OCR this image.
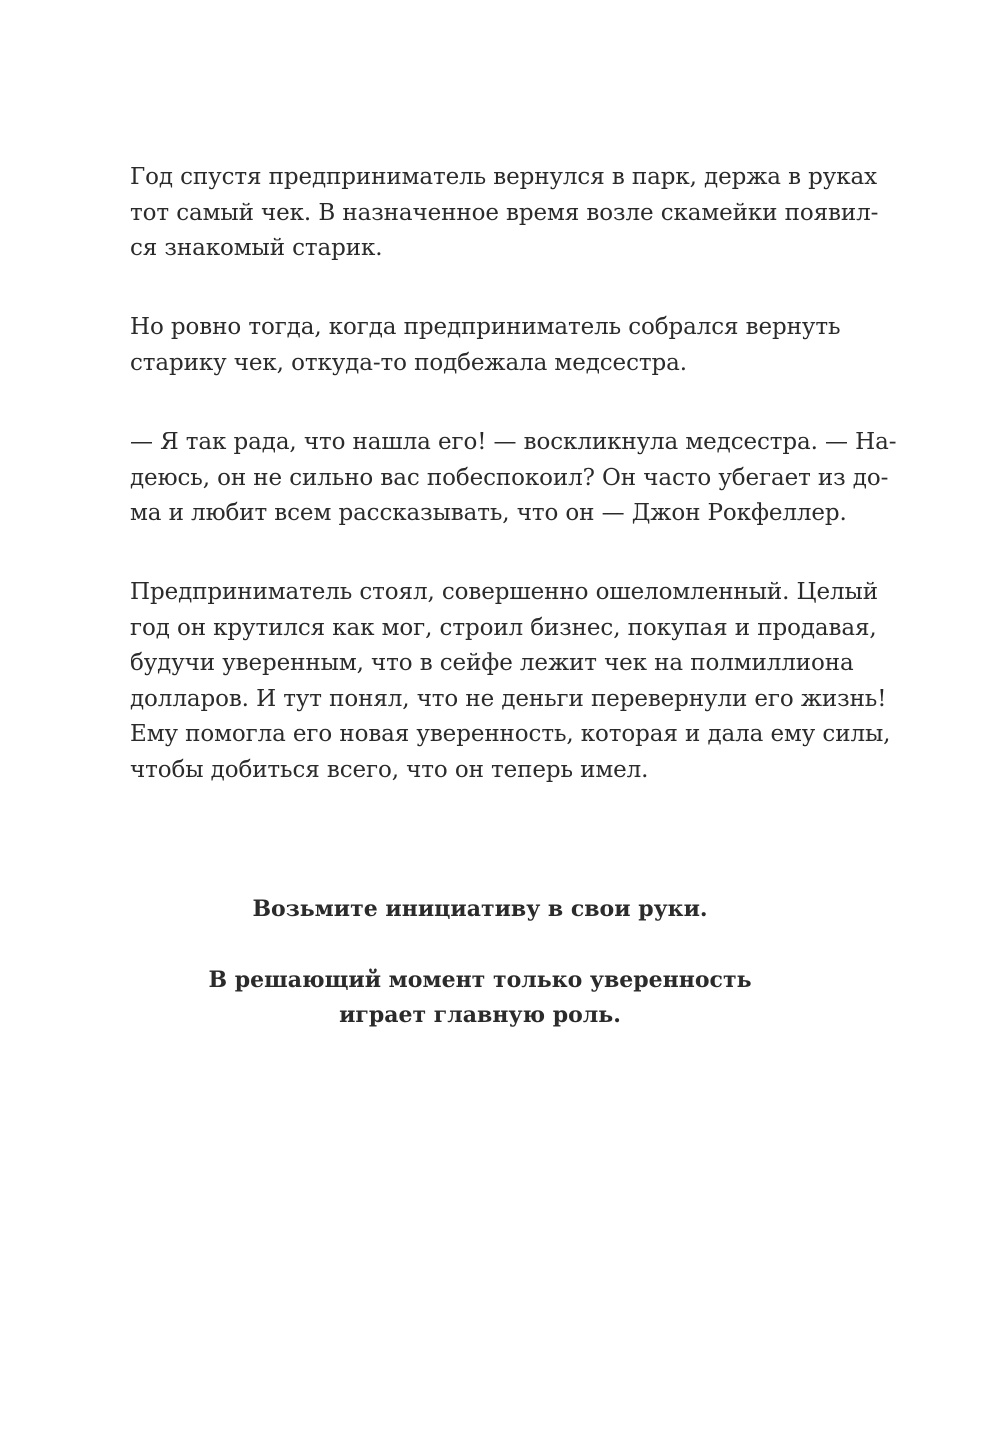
Год спустя предприниматель вернулся в парк, держа в руках
тот самый чек. В назначенное время возле скамейки появил-
ся знакомый старик.
Но ровно тогда, когда предприниматель собрался вернуть
старику чек, откуда-то подбежала медсестра.
— Я так рада, что нашла его! — воскликнула медсестра. — На-
деюсь, он не сильно вас побеспокоил? Он часто убегает из до-
ма и любит всем рассказывать, что он — Джон Рокфеллер.
Предприниматель стоял, совершенно ошеломленный. Целый
год он крутился как мог, строил бизнес, покупая и продавая,
будучи уверенным, что в сейфе лежит чек на полмиллиона
долларов. И тут понял, что не деньги перевернули его жизнь!
Ему помогла его новая уверенность, которая и дала ему силы,
чтобы добиться всего, что он теперь имел.
Возьмите инициативу в свои руки.
В решающий момент только уверенность
играет главную роль.
